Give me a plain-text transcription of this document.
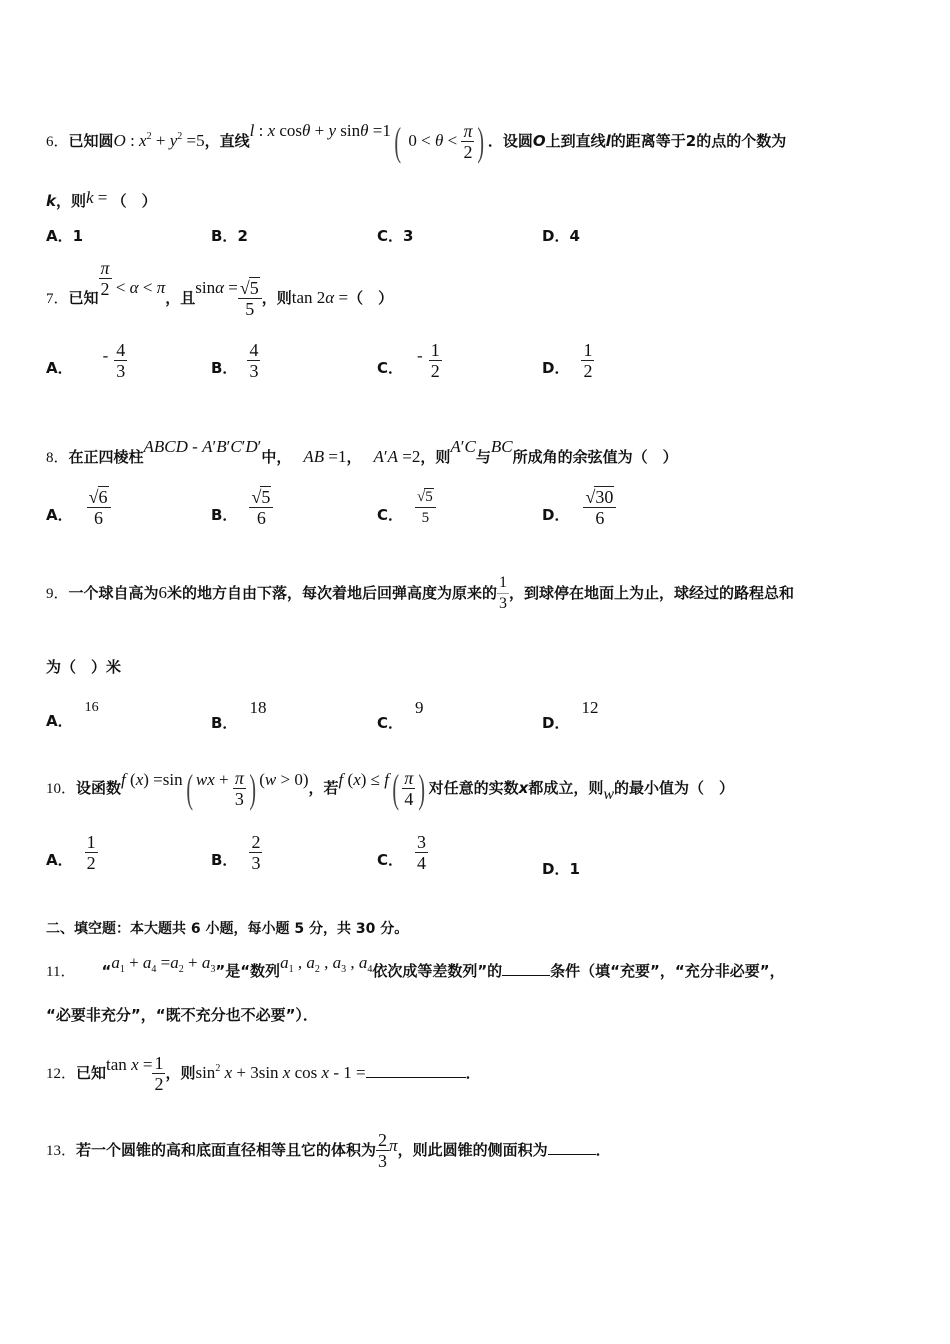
6．已知圆O : $x^2 + y^2 =5$，直线l : x cosθ + y sinθ =1( $0 < \theta < \frac{\pi}{2}$ ) ．设圆O上到直线l的距离等于2的点的个数为
k，则k = （　）
A．1	B．2	C．3	D．4
7．已知 $\frac{\pi}{2} < \alpha < \pi$，且$\sin\alpha = \frac{√5}{5}$ ，则tan 2α =（　）
A．- $\frac{4}{3}$	B． $\frac{4}{3}$	C．- $\frac{1}{2}$	D． $\frac{1}{2}$
8．在正四棱柱ABCD - A′B′C′D′中， AB =1， A′A =2，则A′C与BC所成角的余弦值为（　）
A． $\frac{√6}{6}$	B． $\frac{√5}{6}$	C． $\frac{√5}{5}$	D． $\frac{√30}{6}$
9．一个球自高为6米的地方自由下落，每次着地后回弹高度为原来的 $\frac{1}{3}$ ，到球停在地面上为止，球经过的路程总和
为（　）米
A．16
B．18
C．9
D．12
10．设函数f (x) =sin( wx + $\frac{\pi}{3}$ ) (w > 0)，若f $(x) \le f( \frac{\pi}{4}$ ) 对任意的实数x都成立，则w的最小值为（　）
A． $\frac{1}{2}$	B． $\frac{2}{3}$	C． $\frac{3}{4}$	D．1
二、填空题：本大题共 6 小题，每小题 5 分，共 30 分。
11． “$a_1 + a_4 =a_2 + a_3$”是“数列$a_1$ , $a_2$ , $a_3$ , $a_4$依次成等差数列”的	条件（填“充要”，“充分非必要”，
“必要非充分”，“既不充分也不必要”）．
12．已知$\tan x = \frac{1}{2}$ ，则$\sin^2 x + 3\sin$ x cos x - 1 =	．
13．若一个圆锥的高和底面直径相等且它的体积为 $\frac{2}{3}$ π，则此圆锥的侧面积为	．
